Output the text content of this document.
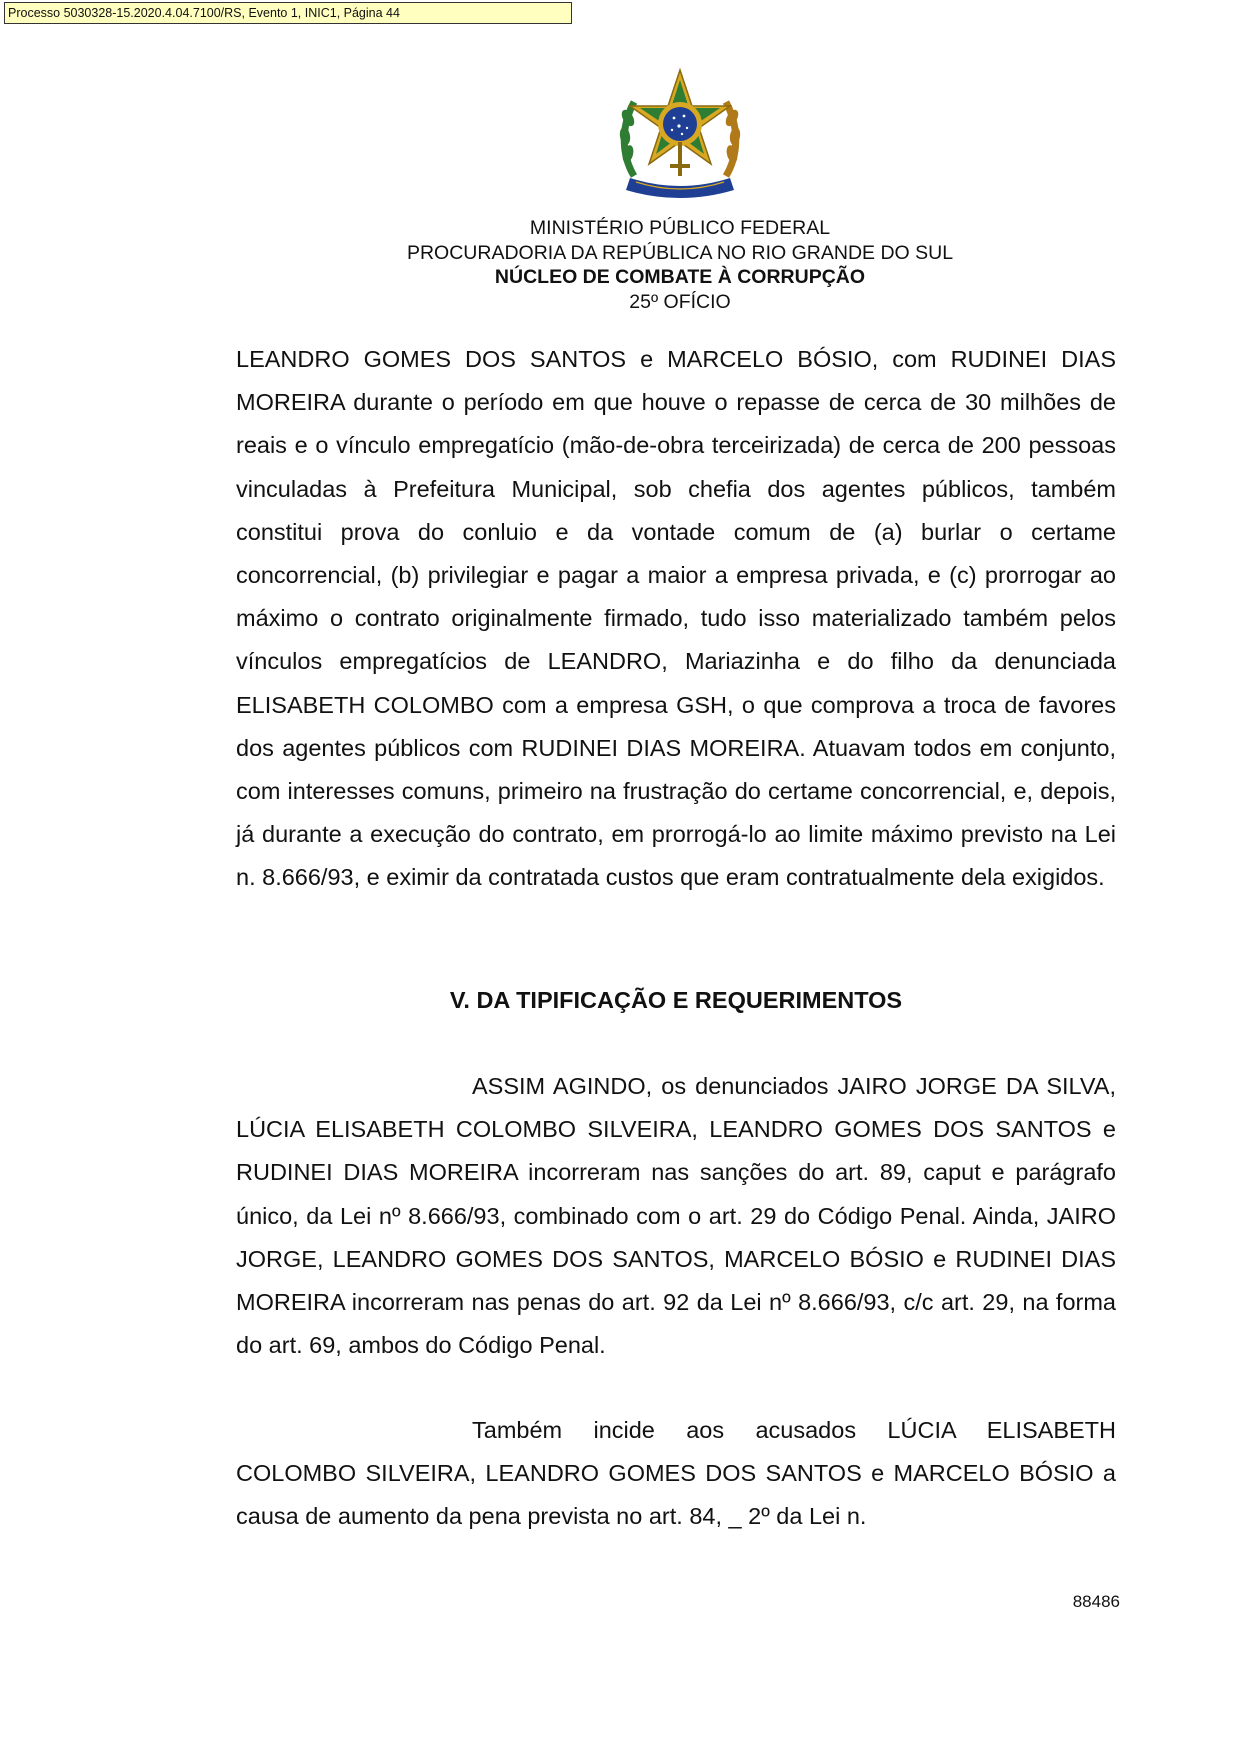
Processo 5030328-15.2020.4.04.7100/RS, Evento 1, INIC1, Página 44
MINISTÉRIO PÚBLICO FEDERAL
PROCURADORIA DA REPÚBLICA NO RIO GRANDE DO SUL
NÚCLEO DE COMBATE À CORRUPÇÃO
25º OFÍCIO
LEANDRO GOMES DOS SANTOS e MARCELO BÓSIO, com RUDINEI DIAS MOREIRA durante o período em que houve o repasse de cerca de 30 milhões de reais e o vínculo empregatício (mão-de-obra terceirizada) de cerca de 200 pessoas vinculadas à Prefeitura Municipal, sob chefia dos agentes públicos, também constitui prova do conluio e da vontade comum de (a) burlar o certame concorrencial, (b) privilegiar e pagar a maior a empresa privada, e (c) prorrogar ao máximo o contrato originalmente firmado, tudo isso materializado também pelos vínculos empregatícios de LEANDRO, Mariazinha e do filho da denunciada ELISABETH COLOMBO com a empresa GSH, o que comprova a troca de favores dos agentes públicos com RUDINEI DIAS MOREIRA. Atuavam todos em conjunto, com interesses comuns, primeiro na frustração do certame concorrencial, e, depois, já durante a execução do contrato, em prorrogá-lo ao limite máximo previsto na Lei n. 8.666/93, e eximir da contratada custos que eram contratualmente dela exigidos.
V. DA TIPIFICAÇÃO E REQUERIMENTOS
ASSIM AGINDO, os denunciados JAIRO JORGE DA SILVA, LÚCIA ELISABETH COLOMBO SILVEIRA, LEANDRO GOMES DOS SANTOS e RUDINEI DIAS MOREIRA incorreram nas sanções do art. 89, caput e parágrafo único, da Lei nº 8.666/93, combinado com o art. 29 do Código Penal. Ainda, JAIRO JORGE, LEANDRO GOMES DOS SANTOS, MARCELO BÓSIO e RUDINEI DIAS MOREIRA incorreram nas penas do art. 92 da Lei nº 8.666/93, c/c art. 29, na forma do art. 69, ambos do Código Penal.
Também incide aos acusados LÚCIA ELISABETH COLOMBO SILVEIRA, LEANDRO GOMES DOS SANTOS e MARCELO BÓSIO a causa de aumento da pena prevista no art. 84, _ 2º da Lei n.
88486
